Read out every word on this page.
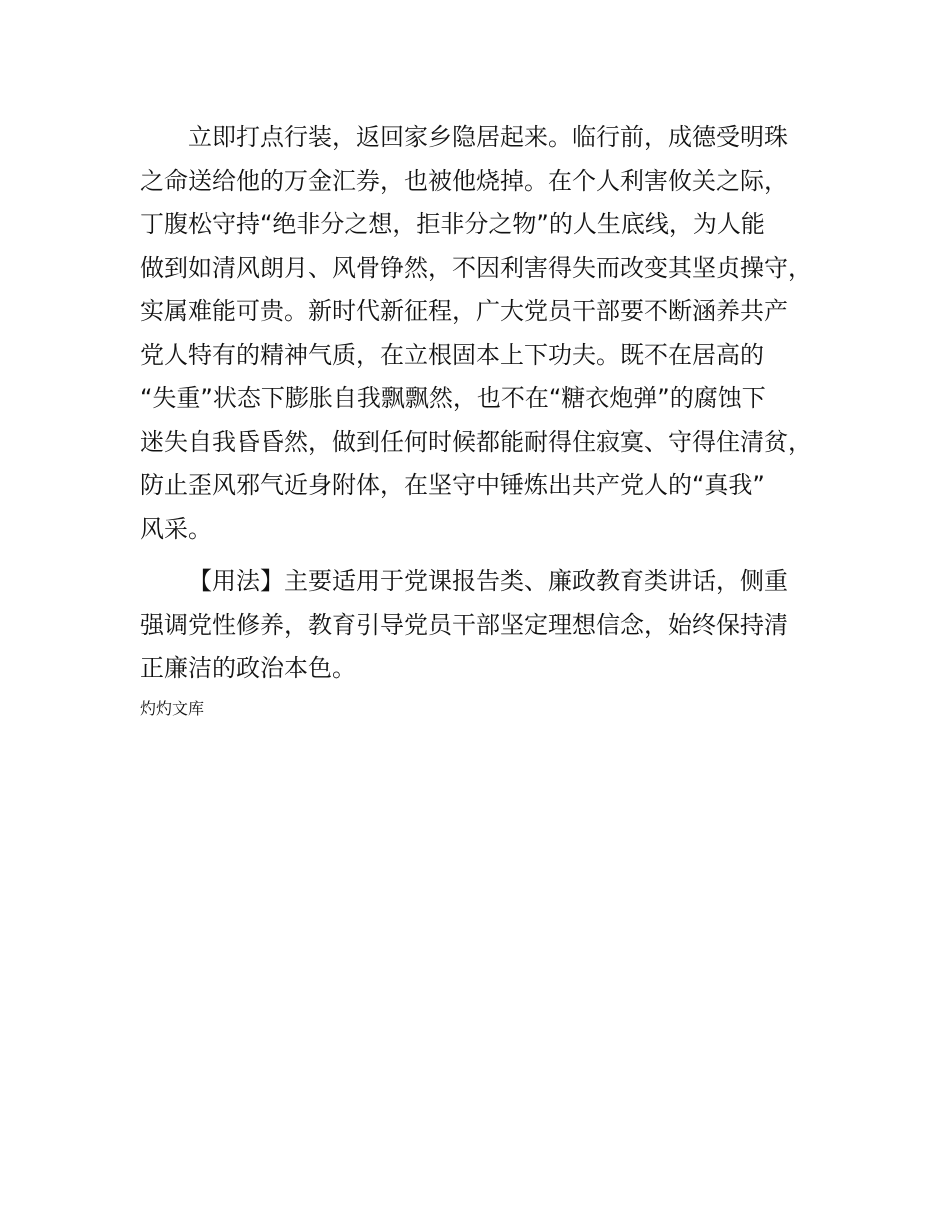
立即打点行装，返回家乡隐居起来。临行前，成德受明珠
之命送给他的万金汇券，也被他烧掉。在个人利害攸关之际，
丁腹松守持“绝非分之想，拒非分之物”的人生底线，为人能
做到如清风朗月、风骨铮然，不因利害得失而改变其坚贞操守，
实属难能可贵。新时代新征程，广大党员干部要不断涵养共产
党人特有的精神气质，在立根固本上下功夫。既不在居高的
“失重”状态下膨胀自我飘飘然，也不在“糖衣炮弹”的腐蚀下
迷失自我昏昏然，做到任何时候都能耐得住寂寞、守得住清贫，
防止歪风邪气近身附体，在坚守中锤炼出共产党人的“真我”
风采。
【用法】主要适用于党课报告类、廉政教育类讲话，侧重
强调党性修养，教育引导党员干部坚定理想信念，始终保持清
正廉洁的政治本色。
灼灼文库
